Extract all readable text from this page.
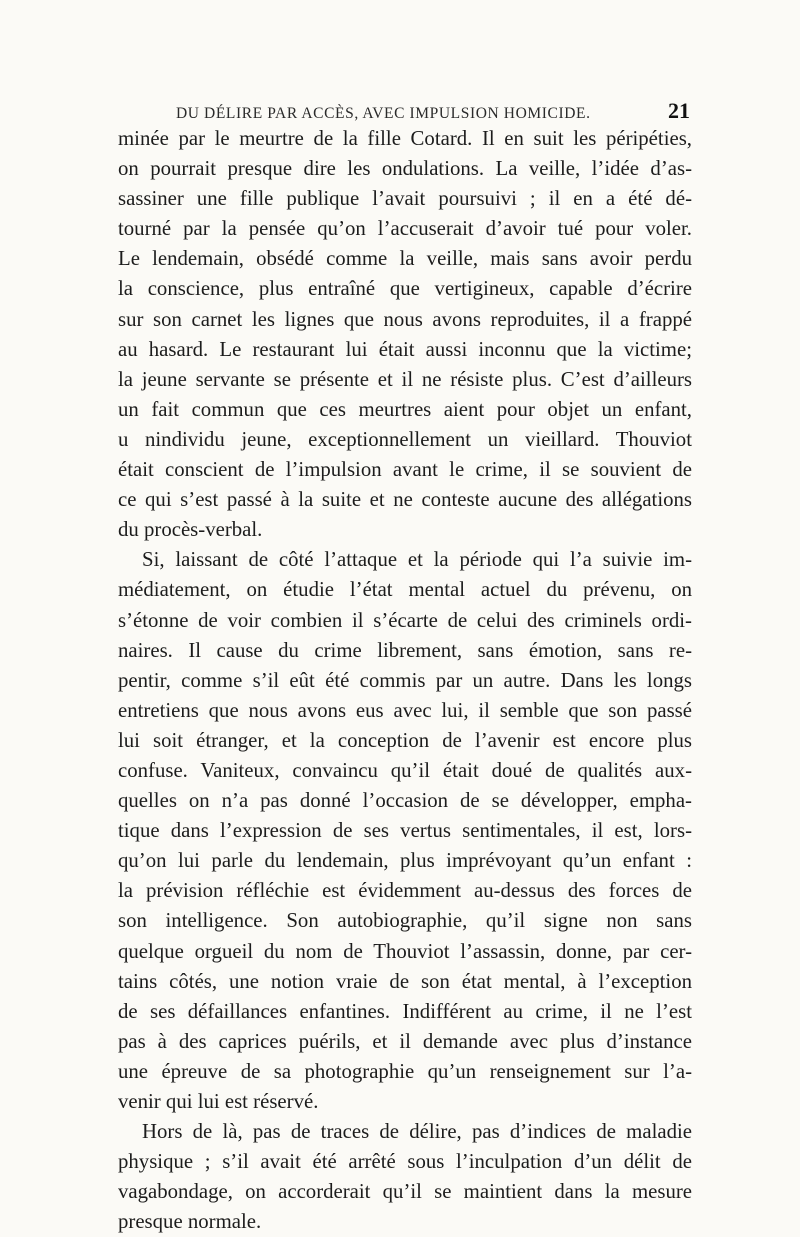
DU DÉLIRE PAR ACCÈS, AVEC IMPULSION HOMICIDE.	21
minée par le meurtre de la fille Cotard. Il en suit les péripéties,
on pourrait presque dire les ondulations. La veille, l’idée d’as-
sassiner une fille publique l’avait poursuivi ; il en a été dé-
tourné par la pensée qu’on l’accuserait d’avoir tué pour voler.
Le lendemain, obsédé comme la veille, mais sans avoir perdu
la conscience, plus entraîné que vertigineux, capable d’écrire
sur son carnet les lignes que nous avons reproduites, il a frappé
au hasard. Le restaurant lui était aussi inconnu que la victime;
la jeune servante se présente et il ne résiste plus. C’est d’ailleurs
un fait commun que ces meurtres aient pour objet un enfant,
u nindividu jeune, exceptionnellement un vieillard. Thouviot
était conscient de l’impulsion avant le crime, il se souvient de
ce qui s’est passé à la suite et ne conteste aucune des allégations
du procès-verbal.
Si, laissant de côté l’attaque et la période qui l’a suivie im-
médiatement, on étudie l’état mental actuel du prévenu, on
s’étonne de voir combien il s’écarte de celui des criminels ordi-
naires. Il cause du crime librement, sans émotion, sans re-
pentir, comme s’il eût été commis par un autre. Dans les longs
entretiens que nous avons eus avec lui, il semble que son passé
lui soit étranger, et la conception de l’avenir est encore plus
confuse. Vaniteux, convaincu qu’il était doué de qualités aux-
quelles on n’a pas donné l’occasion de se développer, empha-
tique dans l’expression de ses vertus sentimentales, il est, lors-
qu’on lui parle du lendemain, plus imprévoyant qu’un enfant :
la prévision réfléchie est évidemment au-dessus des forces de
son intelligence. Son autobiographie, qu’il signe non sans
quelque orgueil du nom de Thouviot l’assassin, donne, par cer-
tains côtés, une notion vraie de son état mental, à l’exception
de ses défaillances enfantines. Indifférent au crime, il ne l’est
pas à des caprices puérils, et il demande avec plus d’instance
une épreuve de sa photographie qu’un renseignement sur l’a-
venir qui lui est réservé.
Hors de là, pas de traces de délire, pas d’indices de maladie
physique ; s’il avait été arrêté sous l’inculpation d’un délit de
vagabondage, on accorderait qu’il se maintient dans la mesure
presque normale.
